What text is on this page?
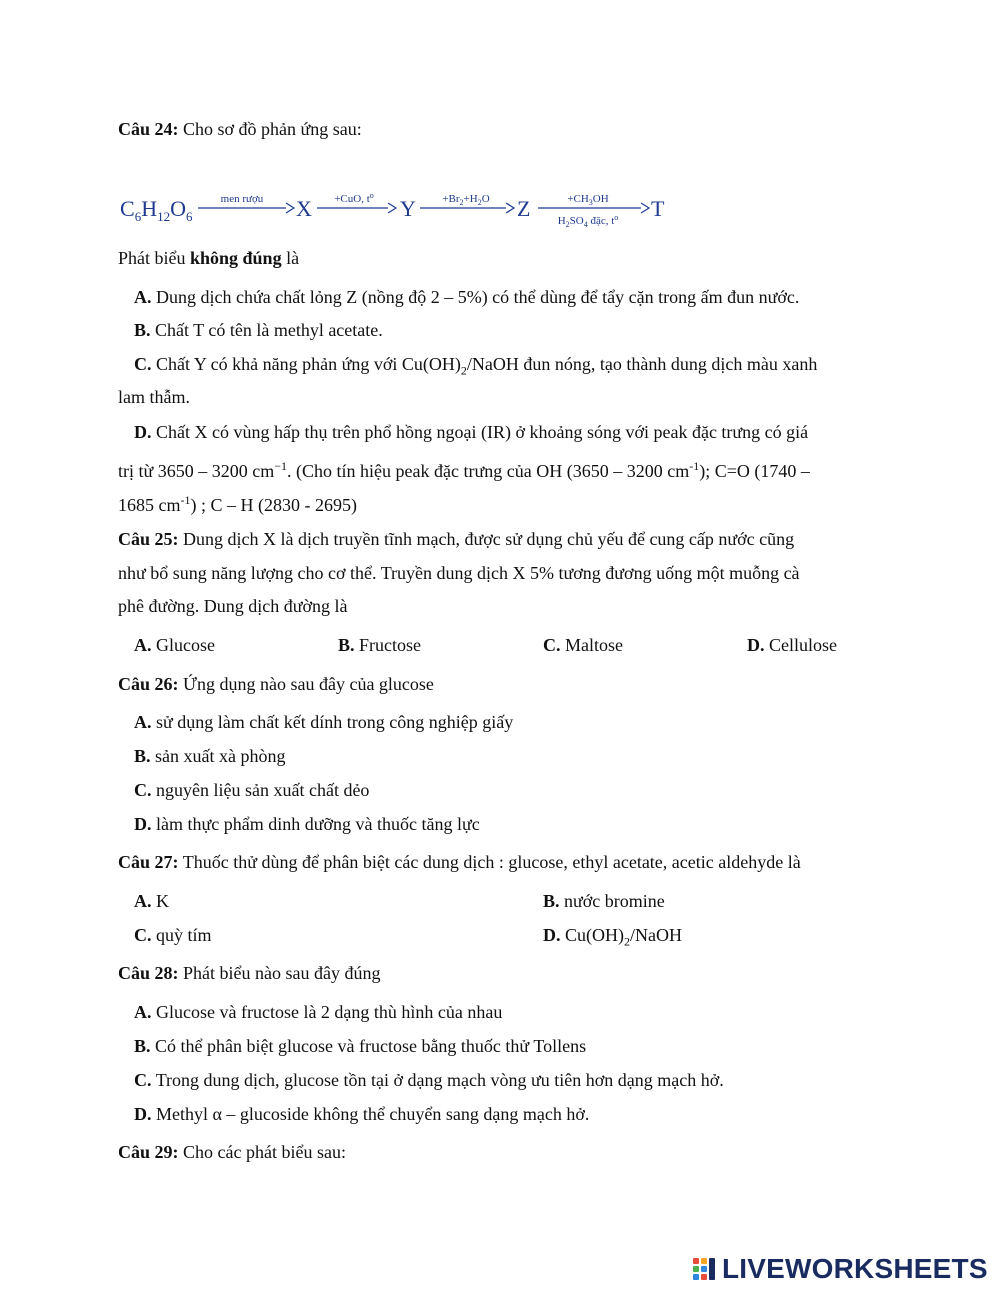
Câu 24: Cho sơ đồ phản ứng sau:
$C_6H_{12}O_6$
men rượu X +CuO, $t^o$
$Y +Br_2+H_2O$ Z	$+CH_3OH$
$H_2SO_4$ đặc, $t^o$ T
Phát biểu không đúng là
A. Dung dịch chứa chất lỏng Z (nồng độ 2 – 5%) có thể dùng để tẩy cặn trong ấm đun nước.
B. Chất T có tên là methyl acetate.
C. Chất Y có khả năng phản ứng với $Cu(OH)_2$/NaOH đun nóng, tạo thành dung dịch màu xanh
lam thẫm.
D. Chất X có vùng hấp thụ trên phổ hồng ngoại (IR) ở khoảng sóng với peak đặc trưng có giá
trị từ 3650 – 3200 $cm^{-1}$. (Cho tín hiệu peak đặc trưng của OH (3650 – 3200 $cm^{-1}$); C=O (1740 –
1685 $cm^{-1}$) ; C – H (2830 - 2695)
Câu 25: Dung dịch X là dịch truyền tĩnh mạch, được sử dụng chủ yếu để cung cấp nước cũng
như bổ sung năng lượng cho cơ thể. Truyền dung dịch X 5% tương đương uống một muỗng cà
phê đường. Dung dịch đường là
A. Glucose	B. Fructose	C. Maltose	D. Cellulose
Câu 26: Ứng dụng nào sau đây của glucose
A. sử dụng làm chất kết dính trong công nghiệp giấy
B. sản xuất xà phòng
C. nguyên liệu sản xuất chất dẻo
D. làm thực phẩm dinh dưỡng và thuốc tăng lực
Câu 27: Thuốc thử dùng để phân biệt các dung dịch : glucose, ethyl acetate, acetic aldehyde là
A. K	B. nước bromine
C. quỳ tím	D. $Cu(OH)_2$/NaOH
Câu 28: Phát biểu nào sau đây đúng
A. Glucose và fructose là 2 dạng thù hình của nhau
B. Có thể phân biệt glucose và fructose bằng thuốc thử Tollens
C. Trong dung dịch, glucose tồn tại ở dạng mạch vòng ưu tiên hơn dạng mạch hở.
D. Methyl α – glucoside không thể chuyển sang dạng mạch hở.
Câu 29: Cho các phát biểu sau:
LIVEWORKSHEETS
